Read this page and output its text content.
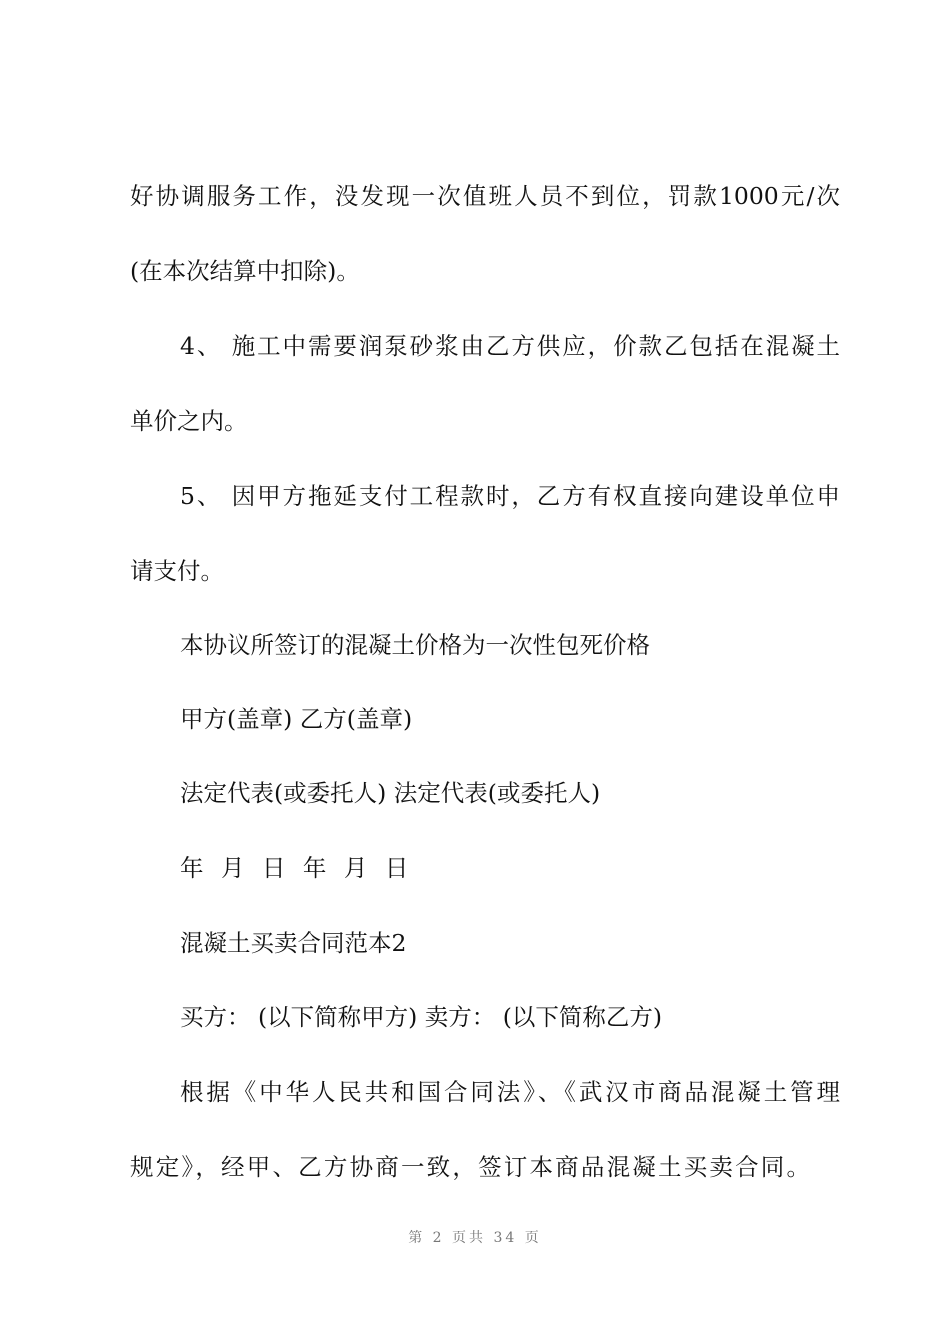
好协调服务工作，没发现一次值班人员不到位，罚款1000元/次

(在本次结算中扣除)。

4、 施工中需要润泵砂浆由乙方供应，价款乙包括在混凝土

单价之内。

5、 因甲方拖延支付工程款时，乙方有权直接向建设单位申

请支付。

本协议所签订的混凝土价格为一次性包死价格

甲方(盖章) 乙方(盖章)

法定代表(或委托人) 法定代表(或委托人)

年 月 日 年 月 日

混凝土买卖合同范本2

买方： (以下简称甲方) 卖方： (以下简称乙方)

根据《中华人民共和国合同法》、《武汉市商品混凝土管理

规定》，经甲、乙方协商一致，签订本商品混凝土买卖合同。

第 2 页共 34 页
